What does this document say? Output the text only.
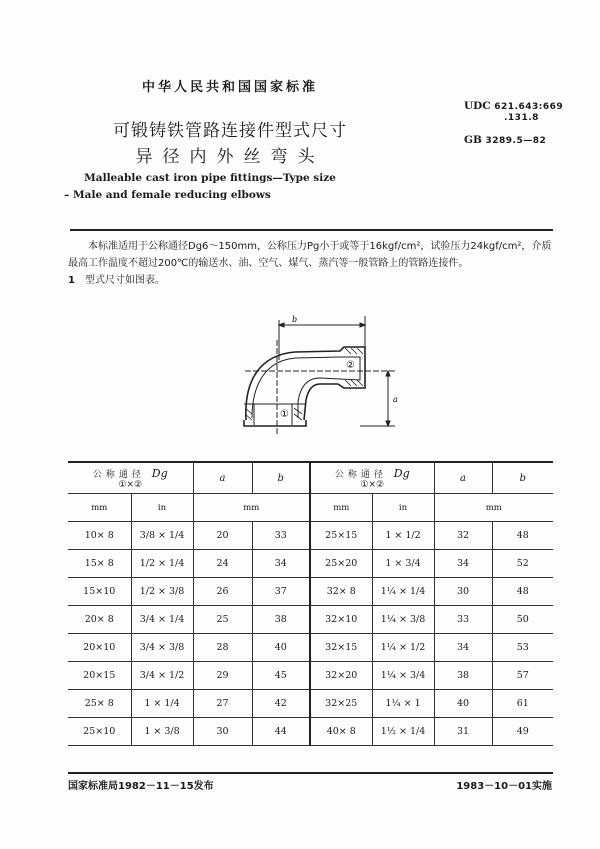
中华人民共和国国家标准
可锻铸铁管路连接件型式尺寸
异径内外丝弯头
Malleable cast iron pipe fittings—Type size
– Male and female reducing elbows
UDC 621.643:669
.131.8
GB 3289.5—82
本标准适用于公称通径Dg6～150mm，公称压力Pg小于或等于16kgf/cm²，试验压力24kgf/cm²，介质最高工作温度不超过200℃的输送水、油、空气、煤气、蒸汽等一般管路上的管路连接件。
1 型式尺寸如图表。
b
a
①
②
公称通径 Dg
①×②		a	b	公称通径 Dg
①×②		a	b
mm	in	mm		mm	in	mm	
10× 8	3/8 × 1/4	20	33	25×15	1 × 1/2	32	48
15× 8	1/2 × 1/4	24	34	25×20	1 × 3/4	34	52
15×10	1/2 × 3/8	26	37	32× 8	1¼ × 1/4	30	48
20× 8	3/4 × 1/4	25	38	32×10	1¼ × 3/8	33	50
20×10	3/4 × 3/8	28	40	32×15	1¼ × 1/2	34	53
20×15	3/4 × 1/2	29	45	32×20	1¼ × 3/4	38	57
25× 8	1 × 1/4	27	42	32×25	1¼ × 1	40	61
25×10	1 × 3/8	30	44	40× 8	1½ × 1/4	31	49
国家标准局1982－11－15发布	1983－10－01实施
